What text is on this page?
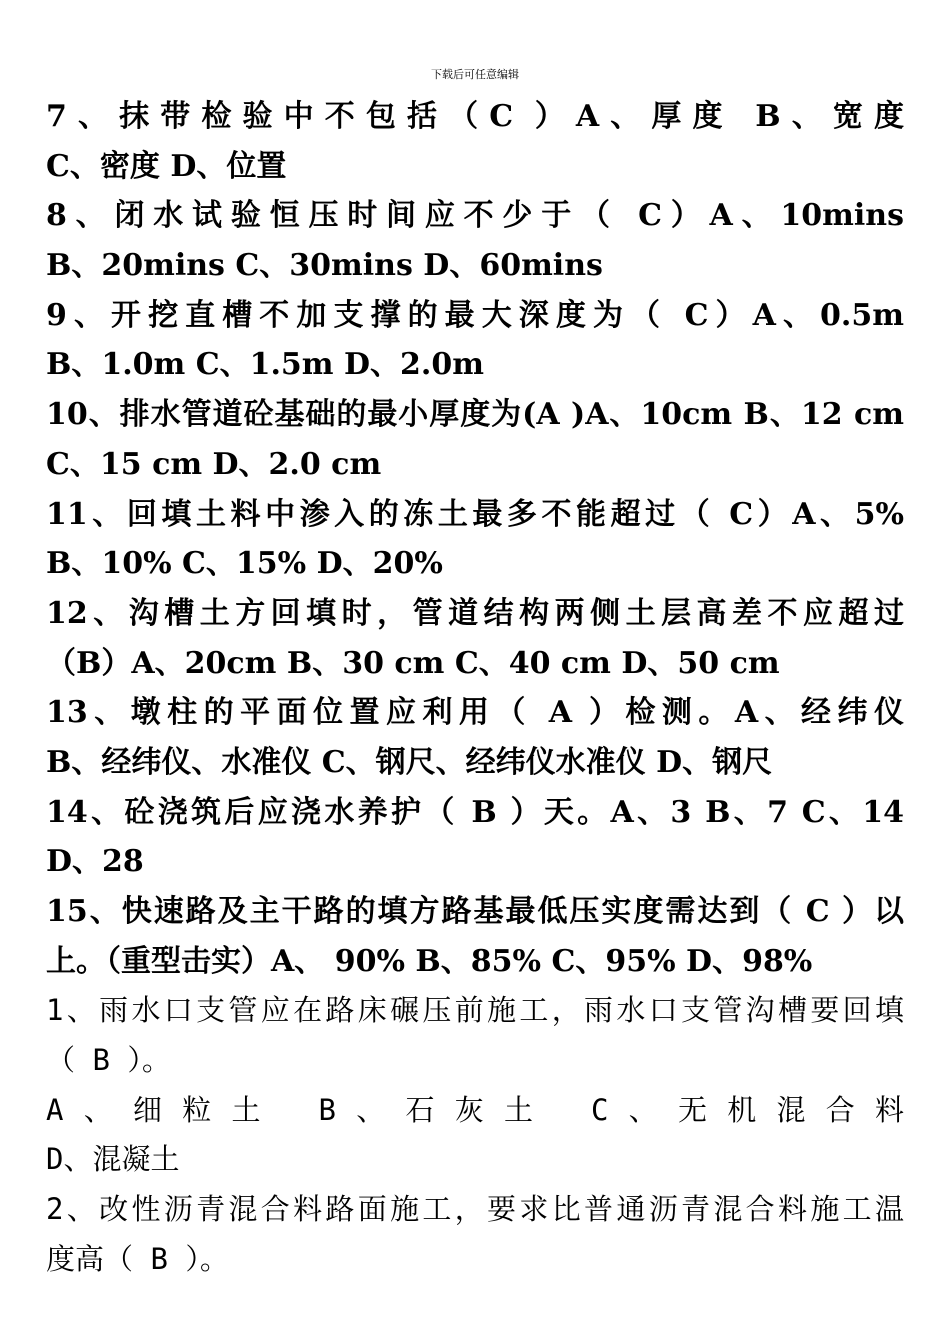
下载后可任意编辑
7、抹带检验中不包括（C ）A、厚度 B、宽度
C、密度 D、位置
8、闭水试验恒压时间应不少于（ C）A、10mins
B、20mins C、30mins D、60mins
9、开挖直槽不加支撑的最大深度为（ C）A、0.5m
B、1.0m C、1.5m D、2.0m
10、排水管道砼基础的最小厚度为(A )A、10cm B、12 cm
C、15 cm D、2.0 cm
11、回填土料中渗入的冻土最多不能超过（ C）A、5%
B、10% C、15% D、20%
12、沟槽土方回填时，管道结构两侧土层高差不应超过
（B）A、20cm B、30 cm C、40 cm D、50 cm
13、墩柱的平面位置应利用（ A ）检测。A、经纬仪
B、经纬仪、水准仪 C、钢尺、经纬仪水准仪 D、钢尺
14、砼浇筑后应浇水养护（ B ）天。A、3 B、7 C、14
D、28
15、快速路及主干路的填方路基最低压实度需达到（ C ）以
上。（重型击实）A、 90% B、85% C、95% D、98%
1、雨水口支管应在路床碾压前施工，雨水口支管沟槽要回填
（ B ）。
A、细粒土 B、石灰土 C、无机混合料
D、混凝土
2、改性沥青混合料路面施工，要求比普通沥青混合料施工温
度高（ B ）。
